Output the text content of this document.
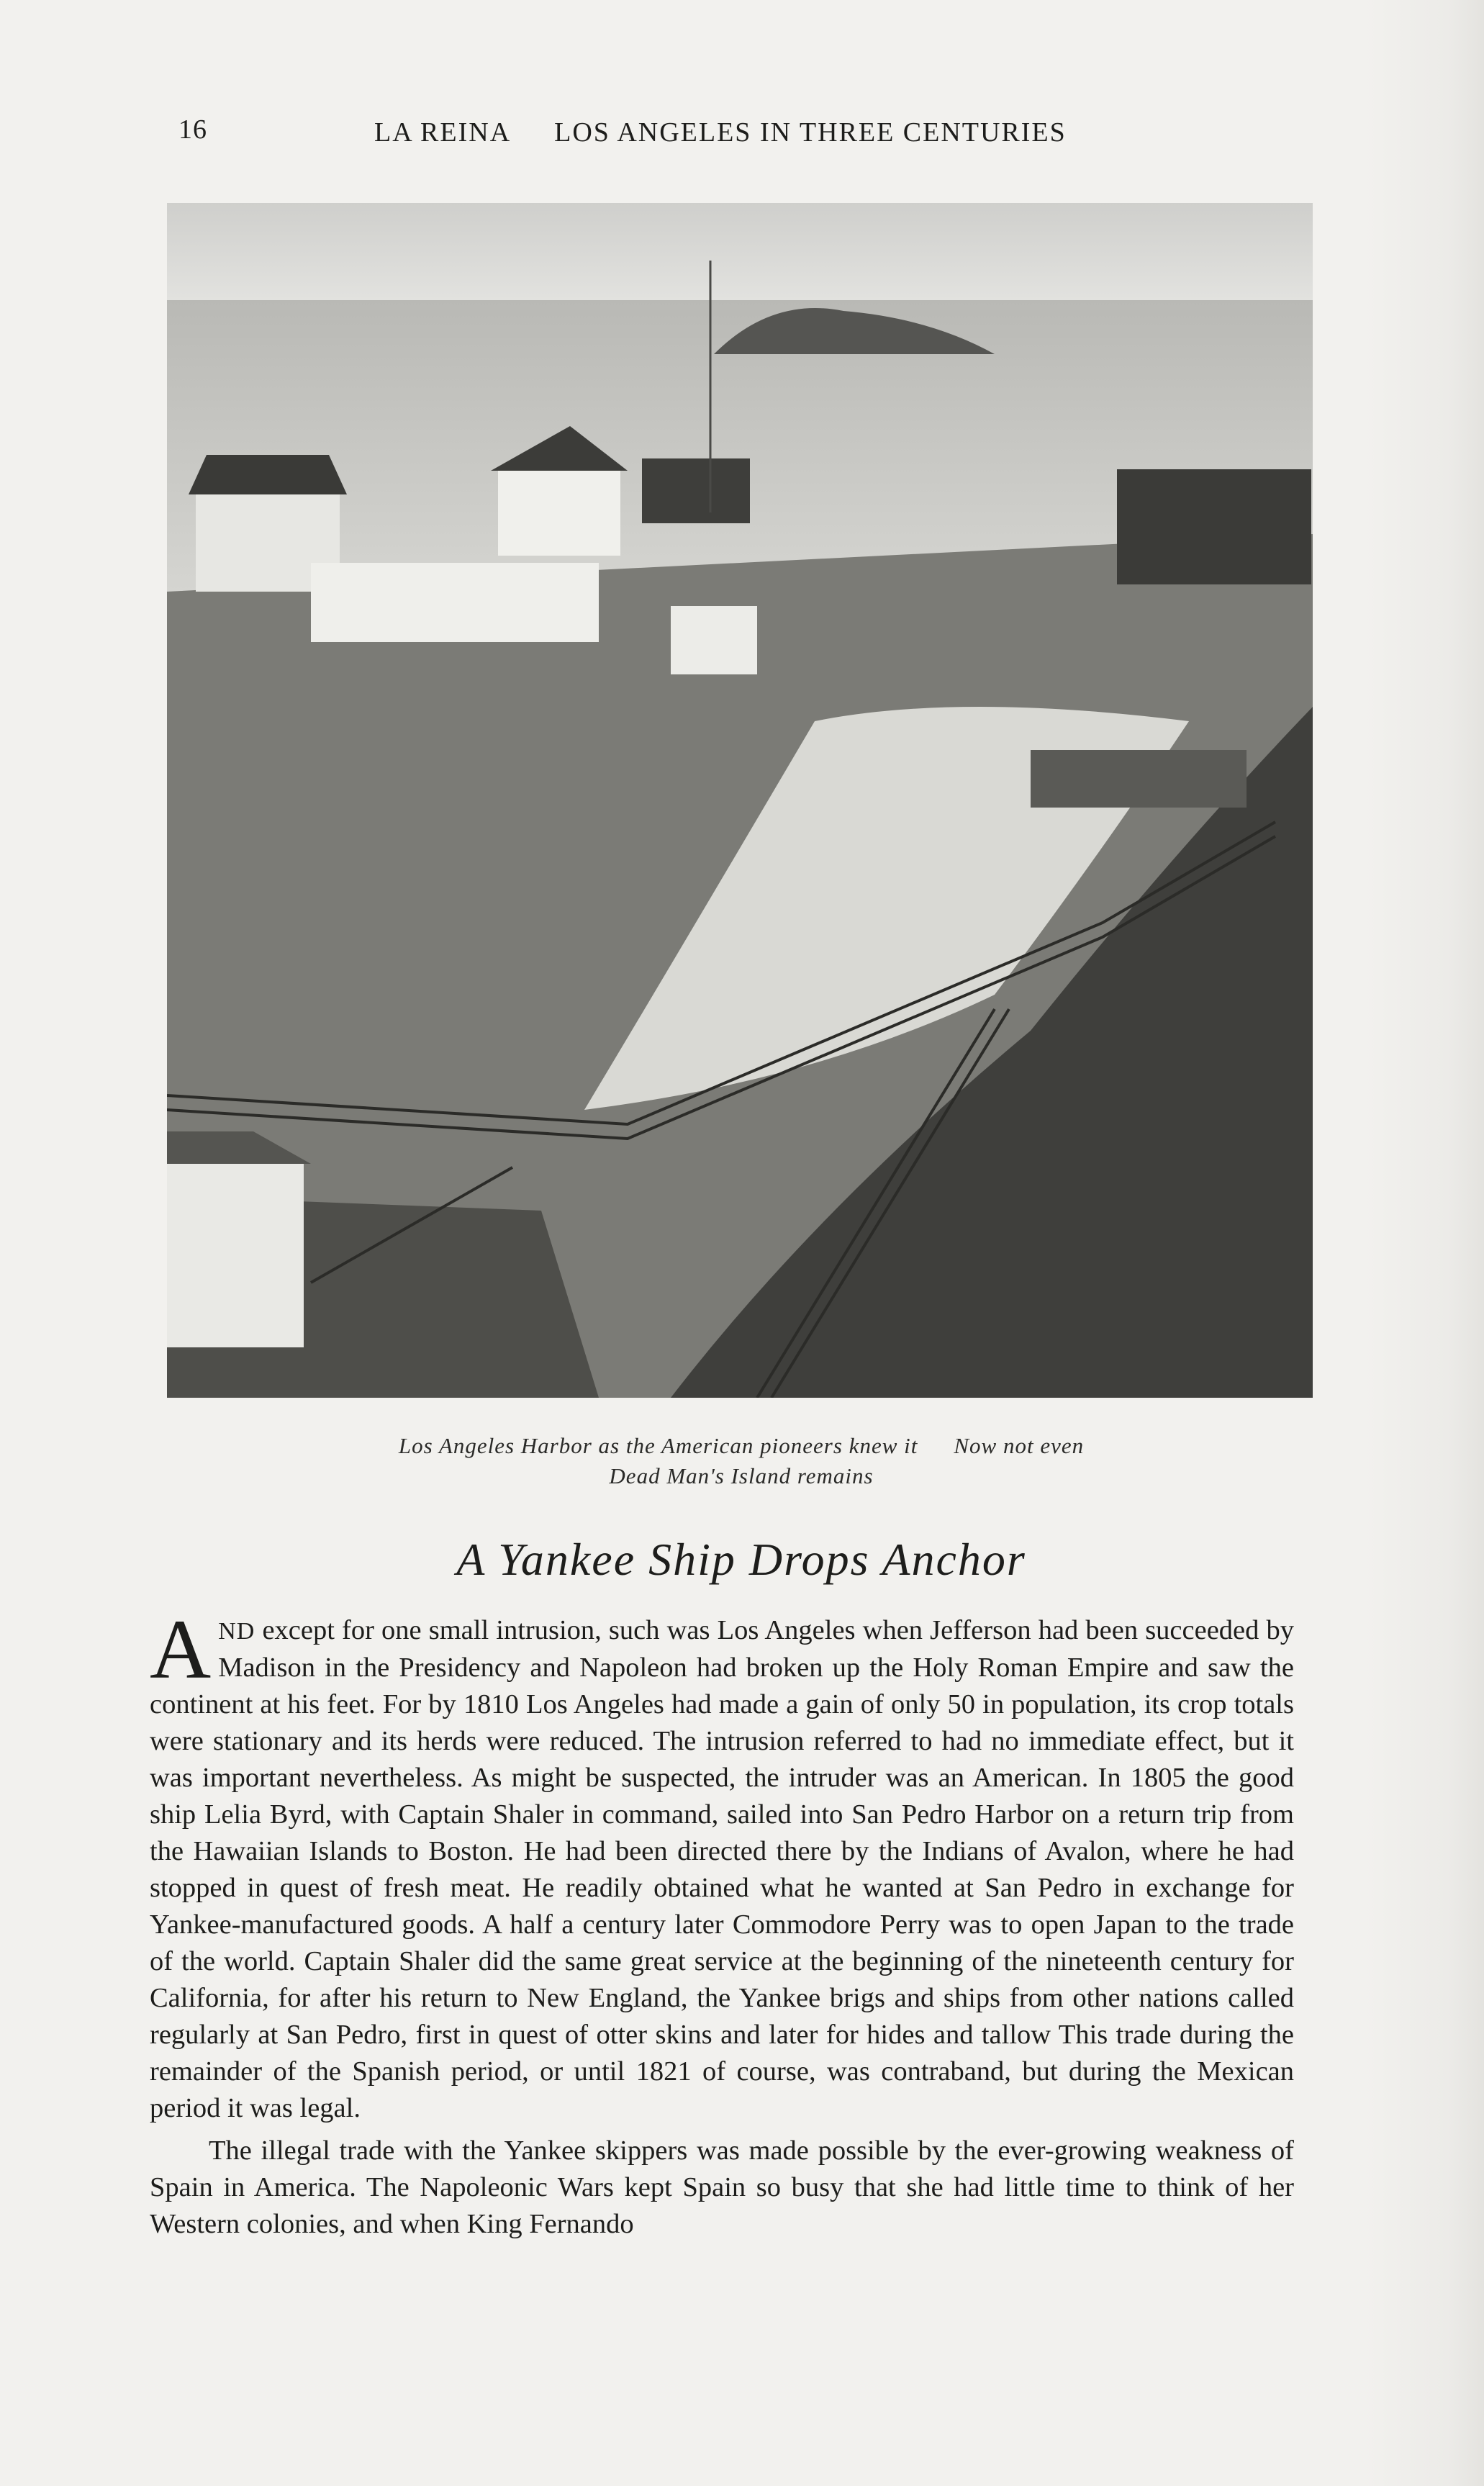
16	LA REINA LOS ANGELES IN THREE CENTURIES
Los Angeles Harbor as the American pioneers knew it Now not even
Dead Man's Island remains
A Yankee Ship Drops Anchor

AND except for one small intrusion, such was Los Angeles when Jefferson had been succeeded by Madison in the Presidency and Napoleon had broken up the Holy Roman Empire and saw the continent at his feet. For by 1810 Los Angeles had made a gain of only 50 in population, its crop totals were stationary and its herds were reduced. The intrusion referred to had no immediate effect, but it was important nevertheless. As might be suspected, the intruder was an American. In 1805 the good ship Lelia Byrd, with Captain Shaler in command, sailed into San Pedro Harbor on a return trip from the Hawaiian Islands to Boston. He had been directed there by the Indians of Avalon, where he had stopped in quest of fresh meat. He readily obtained what he wanted at San Pedro in exchange for Yankee-manufactured goods. A half a century later Commodore Perry was to open Japan to the trade of the world. Captain Shaler did the same great service at the beginning of the nineteenth century for California, for after his return to New England, the Yankee brigs and ships from other nations called regularly at San Pedro, first in quest of otter skins and later for hides and tallow This trade during the remainder of the Spanish period, or until 1821 of course, was contraband, but during the Mexican period it was legal.

The illegal trade with the Yankee skippers was made possible by the ever-growing weakness of Spain in America. The Napoleonic Wars kept Spain so busy that she had little time to think of her Western colonies, and when King Fernando
